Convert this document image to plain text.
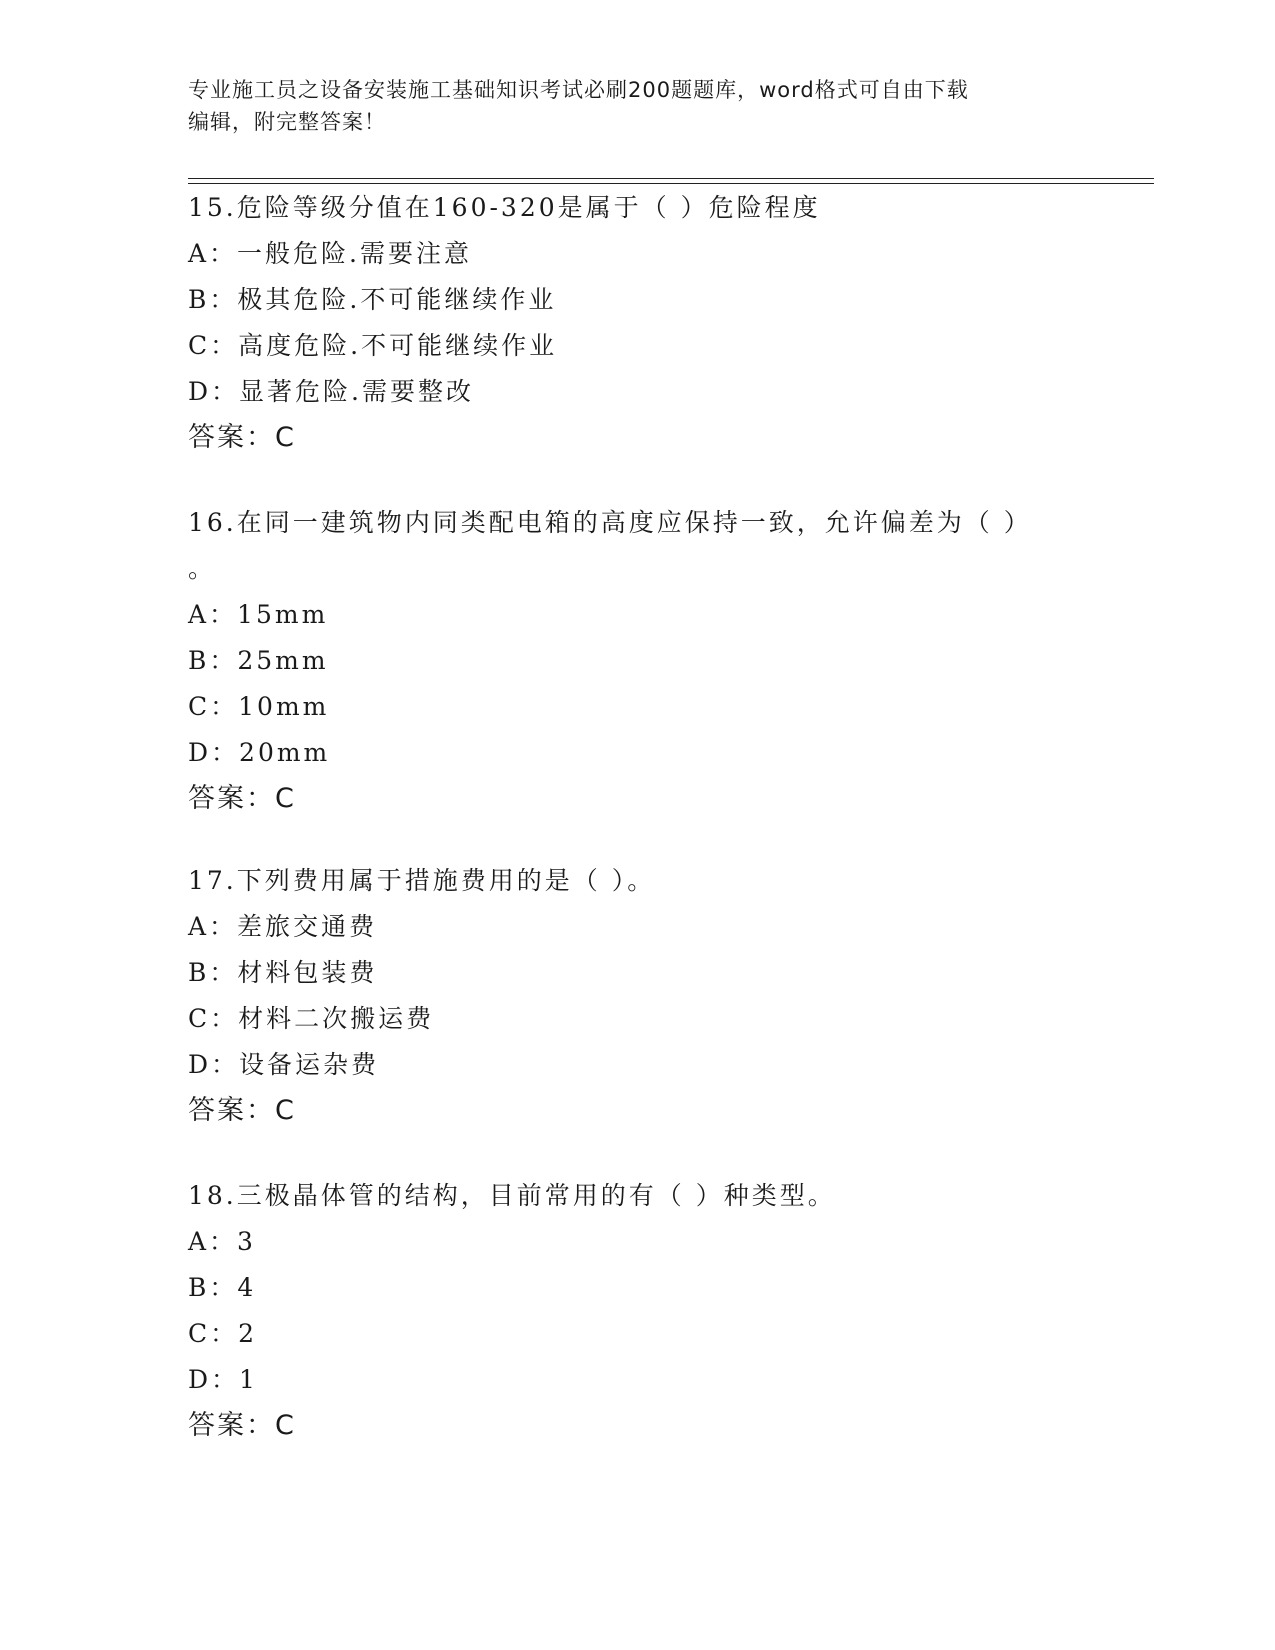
专业施工员之设备安装施工基础知识考试必刷200题题库，word格式可自由下载
编辑，附完整答案！
15.危险等级分值在160-320是属于（ ）危险程度
A：一般危险.需要注意
B：极其危险.不可能继续作业
C：高度危险.不可能继续作业
D：显著危险.需要整改
答案：C
16.在同一建筑物内同类配电箱的高度应保持一致，允许偏差为（ ）
。
A：15mm
B：25mm
C：10mm
D：20mm
答案：C
17.下列费用属于措施费用的是（ ）。
A：差旅交通费
B：材料包装费
C：材料二次搬运费
D：设备运杂费
答案：C
18.三极晶体管的结构，目前常用的有（ ）种类型。
A：3
B：4
C：2
D：1
答案：C
